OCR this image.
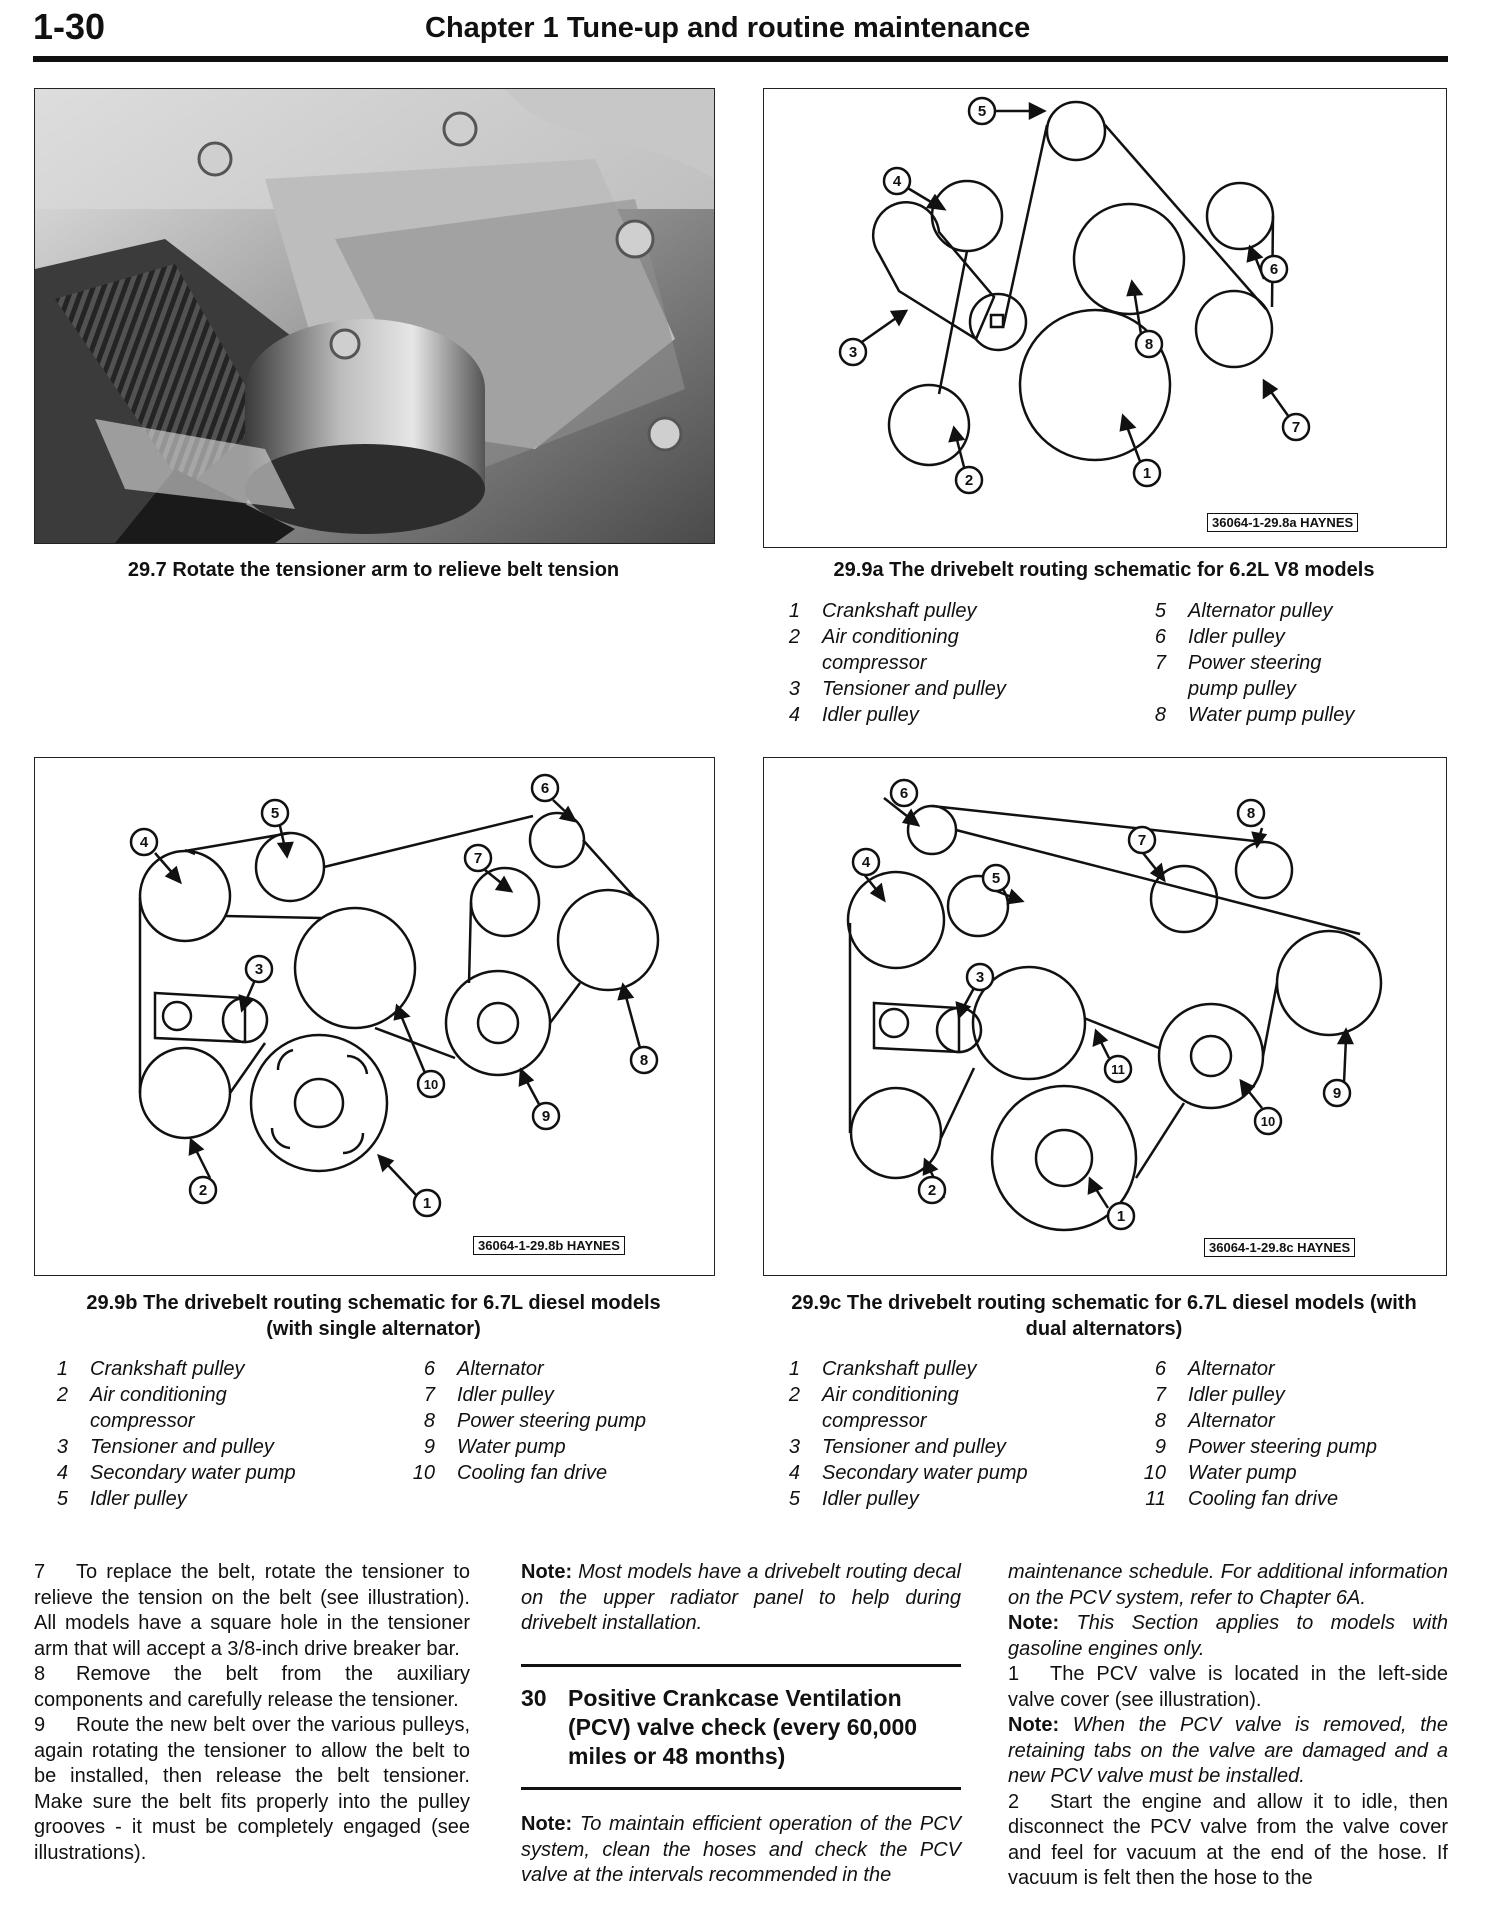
1-30	Chapter 1 Tune-up and routine maintenance
29.7 Rotate the tensioner arm to relieve belt tension
5
4
3
6
8
7
1
2
36064-1-29.8a HAYNES
29.9a The drivebelt routing schematic for 6.2L V8 models
1 Crankshaft pulley
2 Air conditioning compressor
3 Tensioner and pulley
4 Idler pulley
5 Alternator pulley
6 Idler pulley
7 Power steering pump pulley
8 Water pump pulley
5
4
3
6
7
10
8
9
1
2
36064-1-29.8b HAYNES
29.9b The drivebelt routing schematic for 6.7L diesel models
(with single alternator)
1 Crankshaft pulley
2 Air conditioning compressor
3 Tensioner and pulley
4 Secondary water pump
5 Idler pulley
6 Alternator
7 Idler pulley
8 Power steering pump
9 Water pump
10 Cooling fan drive
6
5
4
7
8
3
11
9
10
1
2
36064-1-29.8c HAYNES
29.9c The drivebelt routing schematic for 6.7L diesel models (with
dual alternators)
1 Crankshaft pulley
2 Air conditioning compressor
3 Tensioner and pulley
4 Secondary water pump
5 Idler pulley
6 Alternator
7 Idler pulley
8 Alternator
9 Power steering pump
10 Water pump
11 Cooling fan drive

7 To replace the belt, rotate the tensioner to relieve the tension on the belt (see illustration). All models have a square hole in the tensioner arm that will accept a 3/8-inch drive breaker bar.

8 Remove the belt from the auxiliary components and carefully release the tensioner.

9 Route the new belt over the various pulleys, again rotating the tensioner to allow the belt to be installed, then release the belt tensioner. Make sure the belt fits properly into the pulley grooves - it must be completely engaged (see illustrations).

Note: Most models have a drivebelt routing decal on the upper radiator panel to help during drivebelt installation.

30 Positive Crankcase Ventilation (PCV) valve check (every 60,000 miles or 48 months)

Note: To maintain efficient operation of the PCV system, clean the hoses and check the PCV valve at the intervals recommended in the

maintenance schedule. For additional information on the PCV system, refer to Chapter 6A.

Note: This Section applies to models with gasoline engines only.

1 The PCV valve is located in the left-side valve cover (see illustration).

Note: When the PCV valve is removed, the retaining tabs on the valve are damaged and a new PCV valve must be installed.

2 Start the engine and allow it to idle, then disconnect the PCV valve from the valve cover and feel for vacuum at the end of the hose. If vacuum is felt then the hose to the
